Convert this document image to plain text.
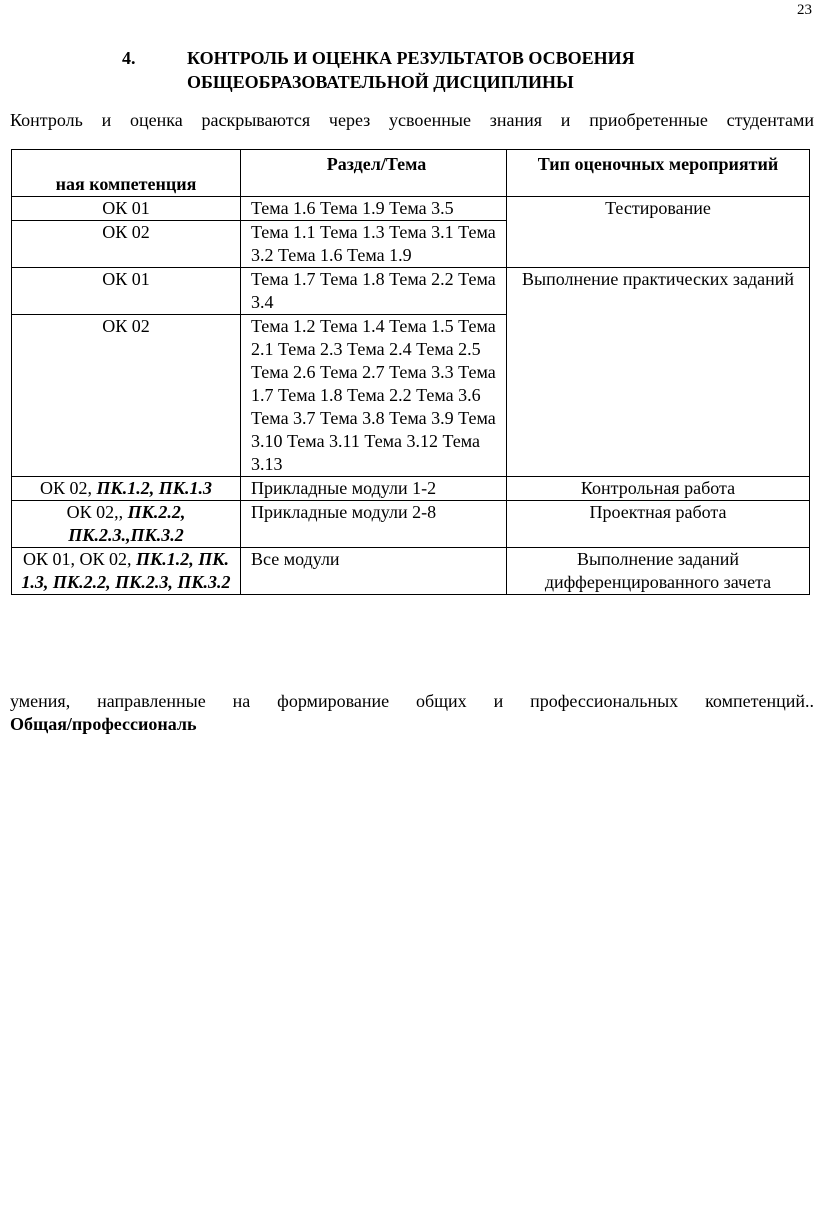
23
4.	КОНТРОЛЬ И ОЦЕНКА РЕЗУЛЬТАТОВ ОСВОЕНИЯ
ОБЩЕОБРАЗОВАТЕЛЬНОЙ ДИСЦИПЛИНЫ
Контроль и оценка раскрываются через усвоенные знания и приобретенные студентами
ная компетенция	Раздел/Тема	Тип оценочных мероприятий
ОК 01	Тема 1.6 Тема 1.9 Тема 3.5	Тестирование
ОК 02	Тема 1.1 Тема 1.3 Тема 3.1 Тема 3.2 Тема 1.6 Тема 1.9	
ОК 01	Тема 1.7 Тема 1.8 Тема 2.2 Тема 3.4	Выполнение практических заданий
ОК 02	Тема 1.2 Тема 1.4 Тема 1.5 Тема 2.1 Тема 2.3 Тема 2.4 Тема 2.5 Тема 2.6 Тема 2.7 Тема 3.3 Тема 1.7 Тема 1.8 Тема 2.2 Тема 3.6 Тема 3.7 Тема 3.8 Тема 3.9 Тема 3.10 Тема 3.11 Тема 3.12 Тема 3.13	
ОК 02, ПК.1.2, ПК.1.3	Прикладные модули 1-2	Контрольная работа
ОК 02,, ПК.2.2, ПК.2.3.,ПК.3.2	Прикладные модули 2-8	Проектная работа
ОК 01, ОК 02, ПК.1.2, ПК. 1.3, ПК.2.2, ПК.2.3, ПК.3.2	Все модули	Выполнение заданий дифференцированного зачета
умения, направленные на формирование общих и профессиональных компетенций..
Общая/профессиональ
